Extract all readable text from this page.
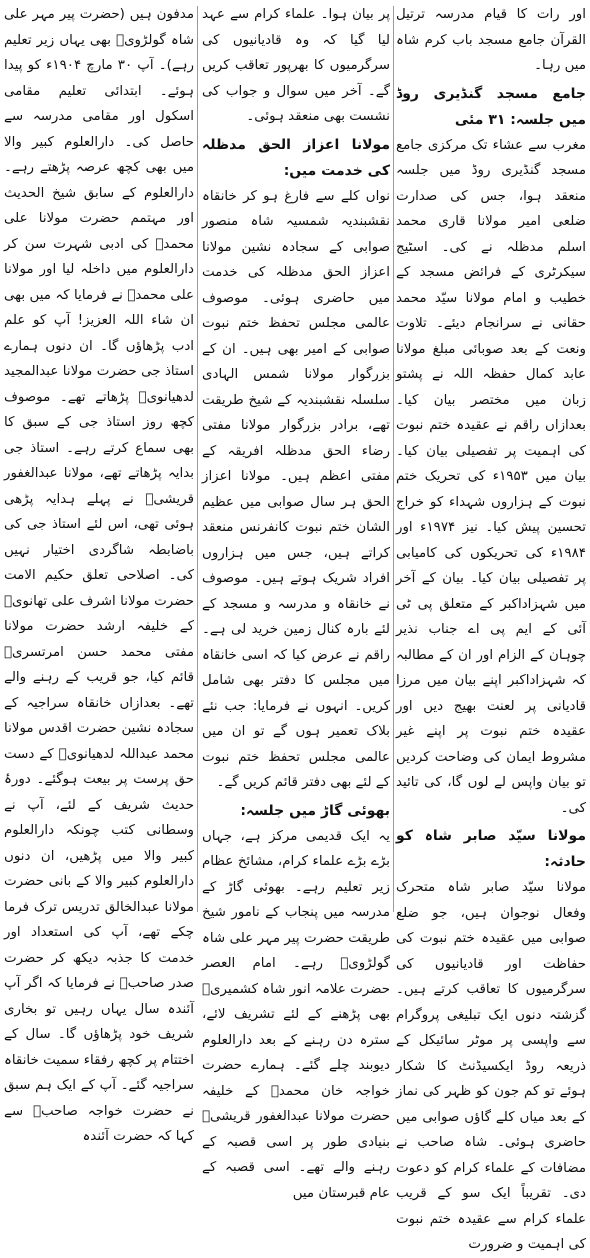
اور رات کا قیام مدرسہ ترتیل القرآن جامع مسجد باب کرم شاہ میں رہا۔

جامع مسجد گنڈیری روڈ میں جلسہ: ۳۱ مئی

مغرب سے عشاء تک مرکزی جامع مسجد گنڈیری روڈ میں جلسہ منعقد ہوا، جس کی صدارت ضلعی امیر مولانا قاری محمد اسلم مدظلہ نے کی۔ اسٹیج سیکرٹری کے فرائض مسجد کے خطیب و امام مولانا سیّد محمد حقانی نے سرانجام دیئے۔ تلاوت ونعت کے بعد صوبائی مبلغ مولانا عابد کمال حفظہ اللہ نے پشتو زبان میں مختصر بیان کیا۔ بعدازاں راقم نے عقیدہ ختم نبوت کی اہمیت پر تفصیلی بیان کیا۔ بیان میں ۱۹۵۳ء کی تحریک ختم نبوت کے ہزاروں شہداء کو خراج تحسین پیش کیا۔ نیز ۱۹۷۴ء اور ۱۹۸۴ء کی تحریکوں کی کامیابی پر تفصیلی بیان کیا۔ بیان کے آخر میں شہزاداکبر کے متعلق پی ٹی آئی کے ایم پی اے جناب نذیر چوہان کے الزام اور ان کے مطالبہ کہ شہزاداکبر اپنے بیان میں مرزا قادیانی پر لعنت بھیج دیں اور عقیدہ ختم نبوت پر اپنے غیر مشروط ایمان کی وضاحت کردیں تو بیان واپس لے لوں گا، کی تائید کی۔

مولانا سیّد صابر شاہ کو حادثہ:

مولانا سیّد صابر شاہ متحرک وفعال نوجوان ہیں، جو ضلع صوابی میں عقیدہ ختم نبوت کی حفاظت اور قادیانیوں کی سرگرمیوں کا تعاقب کرتے ہیں۔ گزشتہ دنوں ایک تبلیغی پروگرام سے واپسی پر موٹر سائیکل کے ذریعہ روڈ ایکسیڈنٹ کا شکار ہوئے تو کم جون کو ظہر کی نماز کے بعد میاں کلے گاؤں صوابی میں حاضری ہوئی۔ شاہ صاحب نے مضافات کے علماء کرام کو دعوت دی۔ تقریباً ایک سو کے قریب علماء کرام سے عقیدہ ختم نبوت کی اہمیت و ضرورت

پر بیان ہوا۔ علماء کرام سے عہد لیا گیا کہ وہ قادیانیوں کی سرگرمیوں کا بھرپور تعاقب کریں گے۔ آخر میں سوال و جواب کی نشست بھی منعقد ہوئی۔

مولانا اعزاز الحق مدظلہ کی خدمت میں:

نواں کلے سے فارغ ہو کر خانقاہ نقشبندیہ شمسیہ شاہ منصور صوابی کے سجادہ نشین مولانا اعزاز الحق مدظلہ کی خدمت میں حاضری ہوئی۔ موصوف عالمی مجلس تحفظ ختم نبوت صوابی کے امیر بھی ہیں۔ ان کے بزرگوار مولانا شمس الہادی سلسلہ نقشبندیہ کے شیخ طریقت تھے، برادر بزرگوار مولانا مفتی رضاء الحق مدظلہ افریقہ کے مفتی اعظم ہیں۔ مولانا اعزاز الحق ہر سال صوابی میں عظیم الشان ختم نبوت کانفرنس منعقد کراتے ہیں، جس میں ہزاروں افراد شریک ہوتے ہیں۔ موصوف نے خانقاہ و مدرسہ و مسجد کے لئے بارہ کنال زمین خرید لی ہے۔ راقم نے عرض کیا کہ اسی خانقاہ میں مجلس کا دفتر بھی شامل کریں۔ انہوں نے فرمایا: جب نئے بلاک تعمیر ہوں گے تو ان میں عالمی مجلس تحفظ ختم نبوت کے لئے بھی دفتر قائم کریں گے۔

بھوئی گاڑ میں جلسہ:

یہ ایک قدیمی مرکز ہے، جہاں بڑے بڑے علماء کرام، مشائخ عظام زیر تعلیم رہے۔ بھوئی گاڑ کے مدرسہ میں پنجاب کے نامور شیخ طریقت حضرت پیر مہر علی شاہ گولڑویؒ رہے۔ امام العصر حضرت علامہ انور شاہ کشمیریؒ بھی پڑھنے کے لئے تشریف لائے، سترہ دن رہنے کے بعد دارالعلوم دیوبند چلے گئے۔ ہمارے حضرت خواجہ خان محمدؒ کے خلیفہ حضرت مولانا عبدالغفور قریشیؒ بنیادی طور پر اسی قصبہ کے رہنے والے تھے۔ اسی قصبہ کے عام قبرستان میں

مدفون ہیں (حضرت پیر مہر علی شاہ گولڑویؒ بھی یہاں زیر تعلیم رہے)۔ آپ ۳۰ مارچ ۱۹۰۴ء کو پیدا ہوئے۔ ابتدائی تعلیم مقامی اسکول اور مقامی مدرسہ سے حاصل کی۔ دارالعلوم کبیر والا میں بھی کچھ عرصہ پڑھتے رہے۔ دارالعلوم کے سابق شیخ الحدیث اور مہتمم حضرت مولانا علی محمدؒ کی ادبی شہرت سن کر دارالعلوم میں داخلہ لیا اور مولانا علی محمدؒ نے فرمایا کہ میں بھی ان شاء اللہ العزیز! آپ کو علم ادب پڑھاؤں گا۔ ان دنوں ہمارے استاذ جی حضرت مولانا عبدالمجید لدھیانویؒ پڑھاتے تھے۔ موصوف کچھ روز استاذ جی کے سبق کا بھی سماع کرتے رہے۔ استاذ جی بدایہ پڑھاتے تھے، مولانا عبدالغفور قریشیؒ نے پہلے ہدایہ پڑھی ہوئی تھی، اس لئے استاذ جی کی باضابطہ شاگردی اختیار نہیں کی۔ اصلاحی تعلق حکیم الامت حضرت مولانا اشرف علی تھانویؒ کے خلیفہ ارشد حضرت مولانا مفتی محمد حسن امرتسریؒ قائم کیا، جو قریب کے رہنے والے تھے۔ بعدازاں خانقاہ سراجیہ کے سجادہ نشین حضرت اقدس مولانا محمد عبداللہ لدھیانویؒ کے دست حق پرست پر بیعت ہوگئے۔ دورۂ حدیث شریف کے لئے، آپ نے وسطانی کتب چونکہ دارالعلوم کبیر والا میں پڑھیں، ان دنوں دارالعلوم کبیر والا کے بانی حضرت مولانا عبدالخالق تدریس ترک فرما چکے تھے، آپ کی استعداد اور خدمت کا جذبہ دیکھ کر حضرت صدر صاحبؒ نے فرمایا کہ اگر آپ آئندہ سال یہاں رہیں تو بخاری شریف خود پڑھاؤں گا۔ سال کے اختتام پر کچھ رفقاء سمیت خانقاہ سراجیہ گئے۔ آپ کے ایک ہم سبق نے حضرت خواجہ صاحبؒ سے کہا کہ حضرت آئندہ
